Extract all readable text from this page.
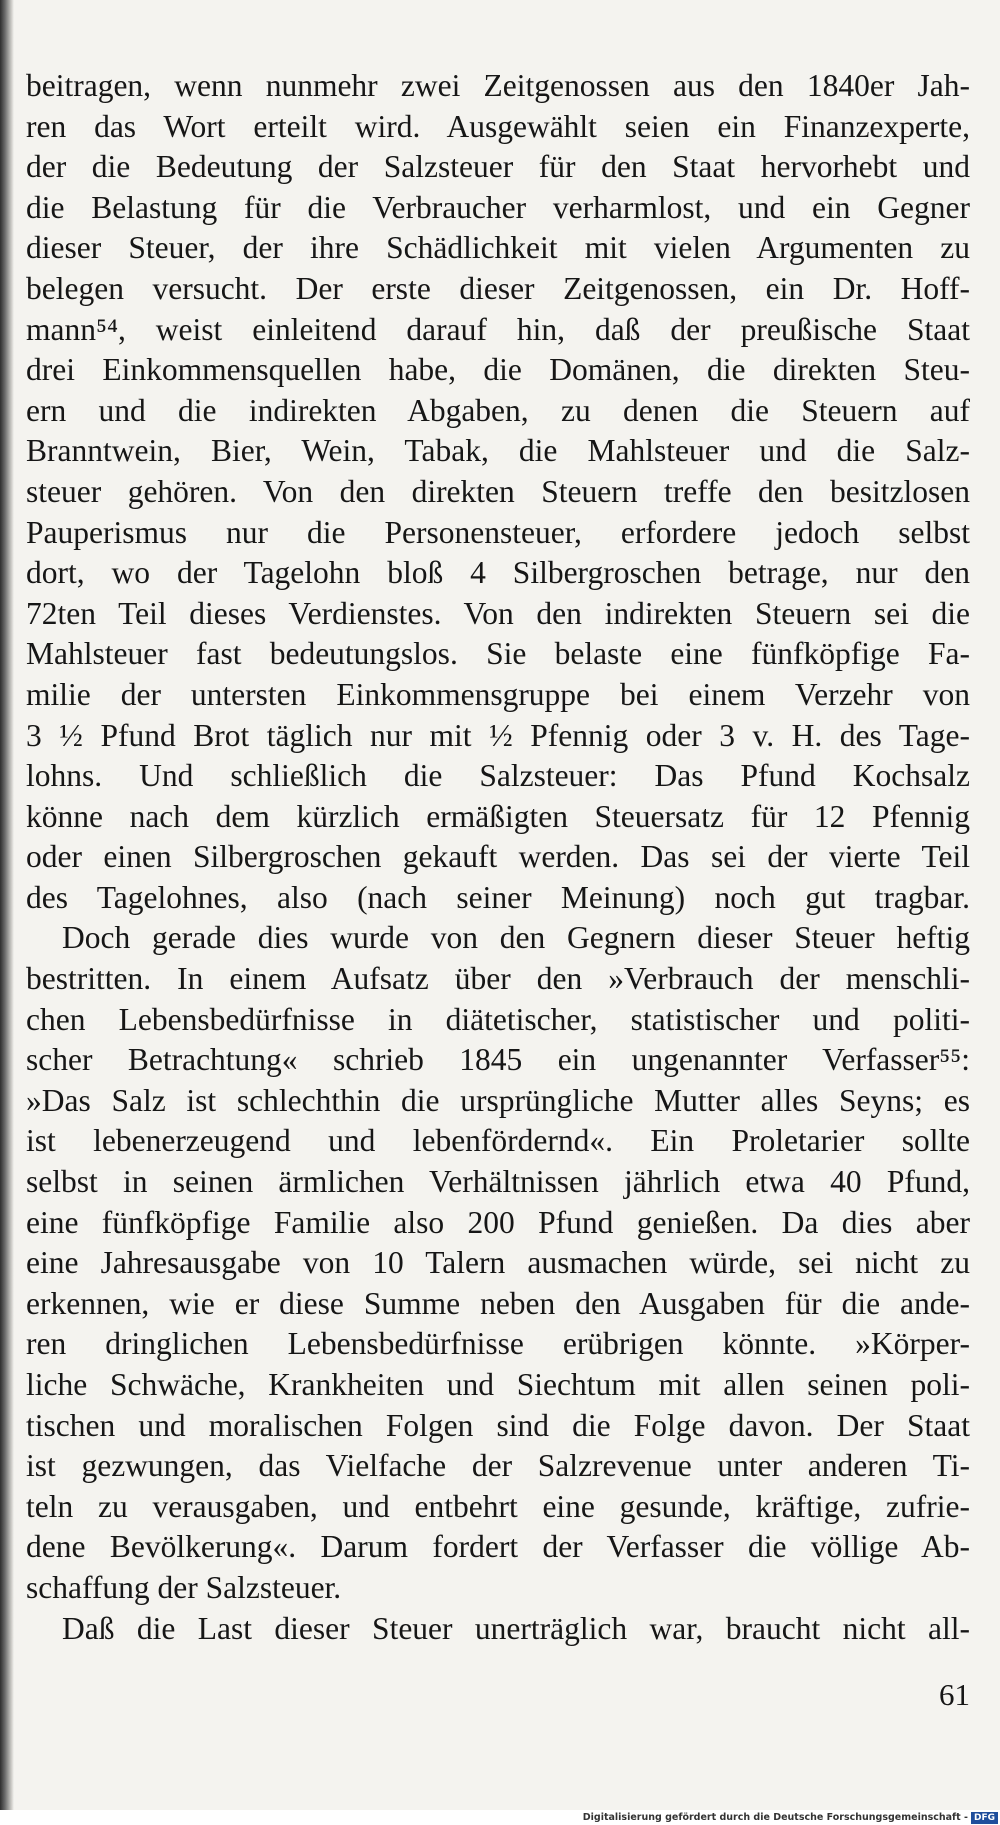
beitragen, wenn nunmehr zwei Zeitgenossen aus den 1840er Jah-
ren das Wort erteilt wird. Ausgewählt seien ein Finanzexperte,
der die Bedeutung der Salzsteuer für den Staat hervorhebt und
die Belastung für die Verbraucher verharmlost, und ein Gegner
dieser Steuer, der ihre Schädlichkeit mit vielen Argumenten zu
belegen versucht. Der erste dieser Zeitgenossen, ein Dr. Hoff-
mann⁵⁴, weist einleitend darauf hin, daß der preußische Staat
drei Einkommensquellen habe, die Domänen, die direkten Steu-
ern und die indirekten Abgaben, zu denen die Steuern auf
Branntwein, Bier, Wein, Tabak, die Mahlsteuer und die Salz-
steuer gehören. Von den direkten Steuern treffe den besitzlosen
Pauperismus nur die Personensteuer, erfordere jedoch selbst
dort, wo der Tagelohn bloß 4 Silbergroschen betrage, nur den
72ten Teil dieses Verdienstes. Von den indirekten Steuern sei die
Mahlsteuer fast bedeutungslos. Sie belaste eine fünfköpfige Fa-
milie der untersten Einkommensgruppe bei einem Verzehr von
3 ½ Pfund Brot täglich nur mit ½ Pfennig oder 3 v. H. des Tage-
lohns. Und schließlich die Salzsteuer: Das Pfund Kochsalz
könne nach dem kürzlich ermäßigten Steuersatz für 12 Pfennig
oder einen Silbergroschen gekauft werden. Das sei der vierte Teil
des Tagelohnes, also (nach seiner Meinung) noch gut tragbar.
Doch gerade dies wurde von den Gegnern dieser Steuer heftig
bestritten. In einem Aufsatz über den »Verbrauch der menschli-
chen Lebensbedürfnisse in diätetischer, statistischer und politi-
scher Betrachtung« schrieb 1845 ein ungenannter Verfasser⁵⁵:
»Das Salz ist schlechthin die ursprüngliche Mutter alles Seyns; es
ist lebenerzeugend und lebenfördernd«. Ein Proletarier sollte
selbst in seinen ärmlichen Verhältnissen jährlich etwa 40 Pfund,
eine fünfköpfige Familie also 200 Pfund genießen. Da dies aber
eine Jahresausgabe von 10 Talern ausmachen würde, sei nicht zu
erkennen, wie er diese Summe neben den Ausgaben für die ande-
ren dringlichen Lebensbedürfnisse erübrigen könnte. »Körper-
liche Schwäche, Krankheiten und Siechtum mit allen seinen poli-
tischen und moralischen Folgen sind die Folge davon. Der Staat
ist gezwungen, das Vielfache der Salzrevenue unter anderen Ti-
teln zu verausgaben, und entbehrt eine gesunde, kräftige, zufrie-
dene Bevölkerung«. Darum fordert der Verfasser die völlige Ab-
schaffung der Salzsteuer.
Daß die Last dieser Steuer unerträglich war, braucht nicht all-
61
Digitalisierung gefördert durch die Deutsche Forschungsgemeinschaft - DFG
